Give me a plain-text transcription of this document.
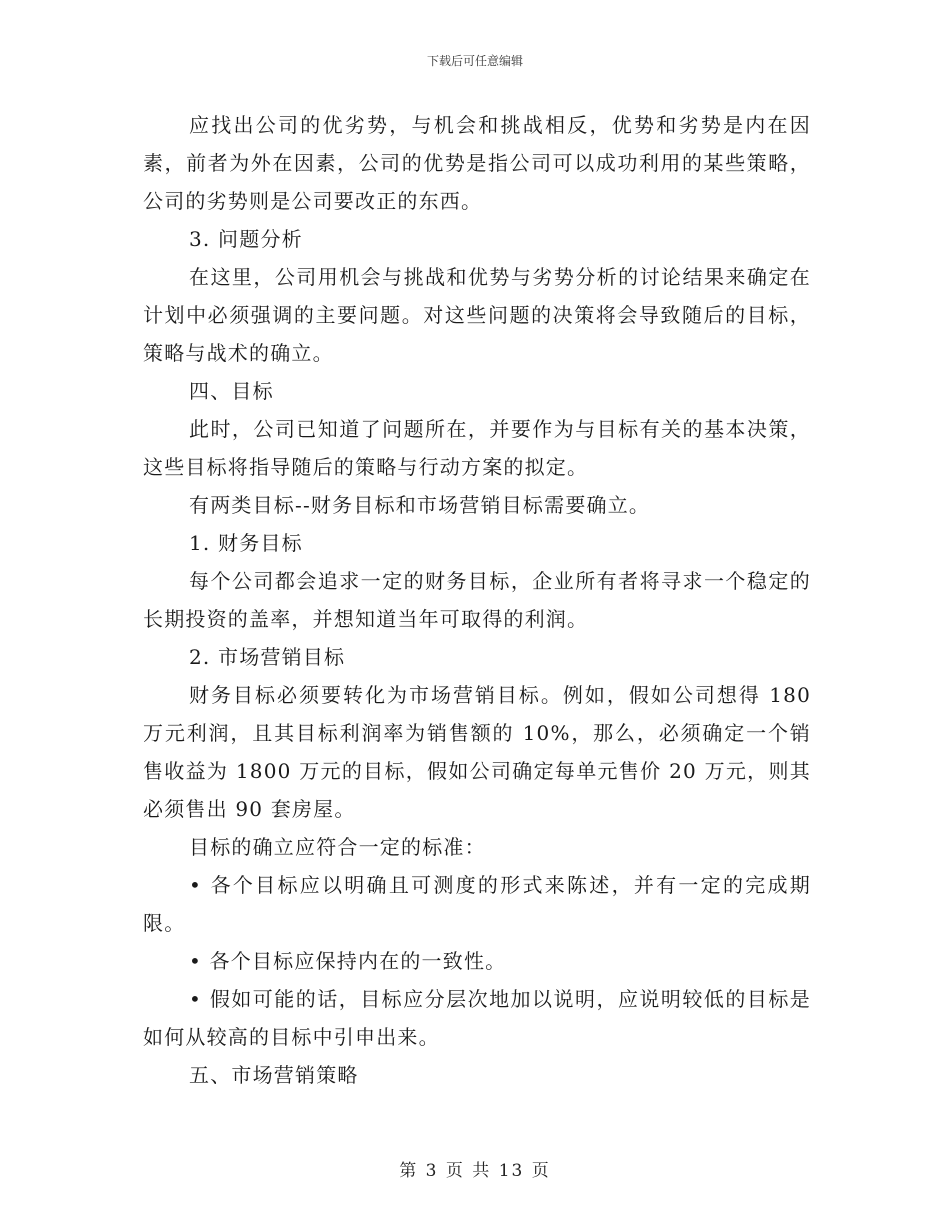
下载后可任意编辑

应找出公司的优劣势，与机会和挑战相反，优势和劣势是内在因素，前者为外在因素，公司的优势是指公司可以成功利用的某些策略，公司的劣势则是公司要改正的东西。

3. 问题分析

在这里，公司用机会与挑战和优势与劣势分析的讨论结果来确定在计划中必须强调的主要问题。对这些问题的决策将会导致随后的目标，策略与战术的确立。

四、目标

此时，公司已知道了问题所在，并要作为与目标有关的基本决策，这些目标将指导随后的策略与行动方案的拟定。

有两类目标--财务目标和市场营销目标需要确立。

1. 财务目标

每个公司都会追求一定的财务目标，企业所有者将寻求一个稳定的长期投资的盖率，并想知道当年可取得的利润。

2. 市场营销目标

财务目标必须要转化为市场营销目标。例如，假如公司想得 180 万元利润，且其目标利润率为销售额的 10%，那么，必须确定一个销售收益为 1800 万元的目标，假如公司确定每单元售价 20 万元，则其必须售出 90 套房屋。

目标的确立应符合一定的标准：

• 各个目标应以明确且可测度的形式来陈述，并有一定的完成期限。

• 各个目标应保持内在的一致性。

• 假如可能的话，目标应分层次地加以说明，应说明较低的目标是如何从较高的目标中引申出来。

五、市场营销策略

第 3 页 共 13 页
